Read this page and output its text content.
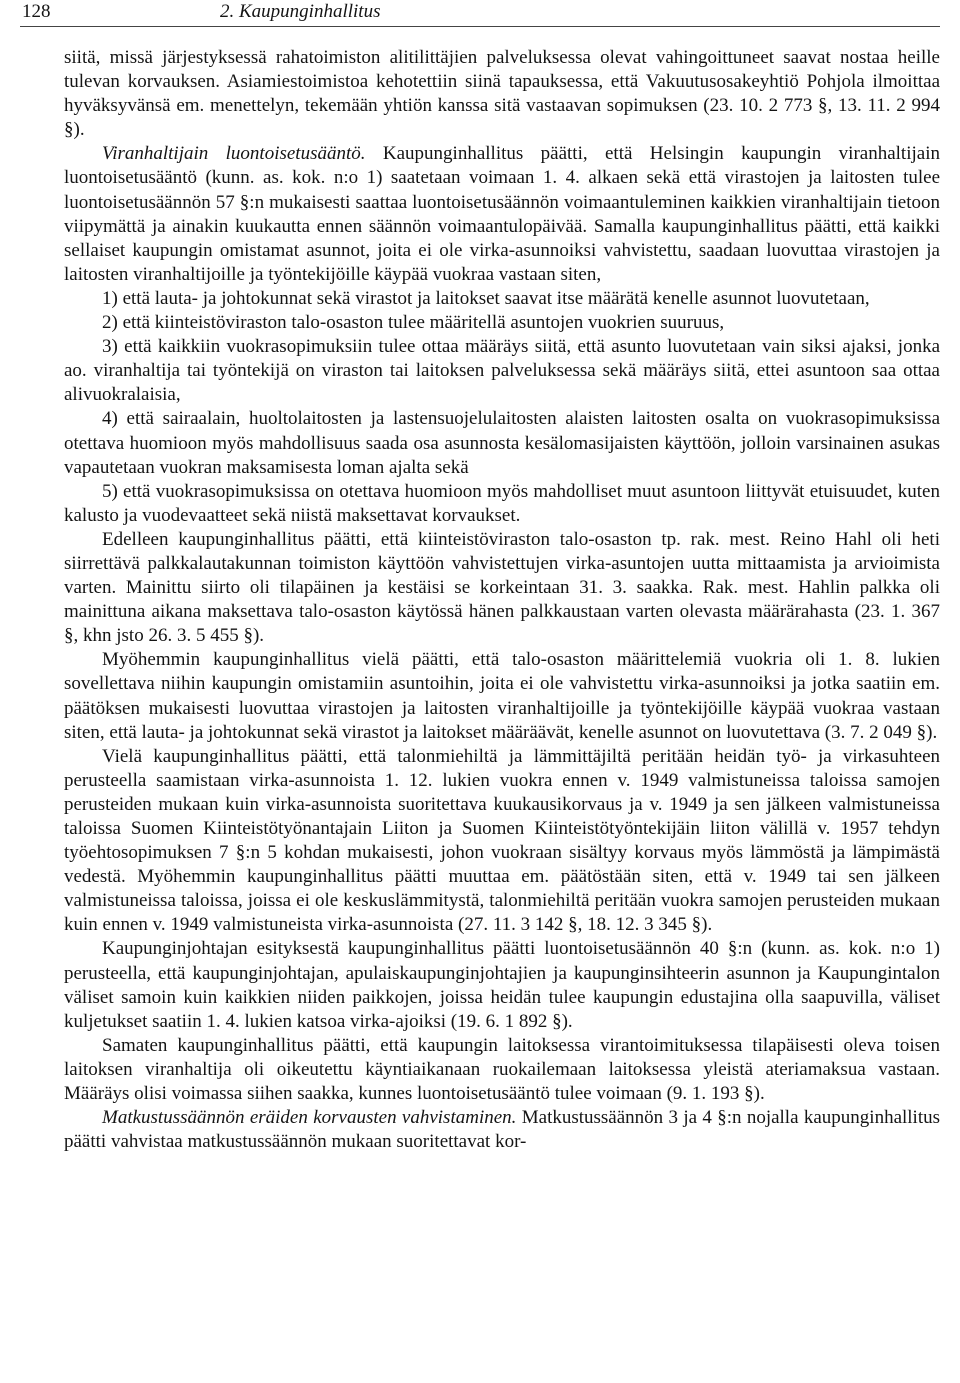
128	2. Kaupunginhallitus

siitä, missä järjestyksessä rahatoimiston alitilittäjien palveluksessa olevat vahingoittuneet saavat nostaa heille tulevan korvauksen. Asiamiestoimistoa kehotettiin siinä tapauksessa, että Vakuutusosakeyhtiö Pohjola ilmoittaa hyväksyvänsä em. menettelyn, tekemään yhtiön kanssa sitä vastaavan sopimuksen (23. 10. 2 773 §, 13. 11. 2 994 §).

Viranhaltijain luontoisetusääntö. Kaupunginhallitus päätti, että Helsingin kaupungin viranhaltijain luontoisetusääntö (kunn. as. kok. n:o 1) saatetaan voimaan 1. 4. alkaen sekä että virastojen ja laitosten tulee luontoisetusäännön 57 §:n mukaisesti saattaa luontoisetusäännön voimaantuleminen kaikkien viranhaltijain tietoon viipymättä ja ainakin kuukautta ennen säännön voimaantulopäivää. Samalla kaupunginhallitus päätti, että kaikki sellaiset kaupungin omistamat asunnot, joita ei ole virka-asunnoiksi vahvistettu, saadaan luovuttaa virastojen ja laitosten viranhaltijoille ja työntekijöille käypää vuokraa vastaan siten,

1) että lauta- ja johtokunnat sekä virastot ja laitokset saavat itse määrätä kenelle asunnot luovutetaan,

2) että kiinteistöviraston talo-osaston tulee määritellä asuntojen vuokrien suuruus,

3) että kaikkiin vuokrasopimuksiin tulee ottaa määräys siitä, että asunto luovutetaan vain siksi ajaksi, jonka ao. viranhaltija tai työntekijä on viraston tai laitoksen palveluksessa sekä määräys siitä, ettei asuntoon saa ottaa alivuokralaisia,

4) että sairaalain, huoltolaitosten ja lastensuojelulaitosten alaisten laitosten osalta on vuokrasopimuksissa otettava huomioon myös mahdollisuus saada osa asunnosta kesälomasijaisten käyttöön, jolloin varsinainen asukas vapautetaan vuokran maksamisesta loman ajalta sekä

5) että vuokrasopimuksissa on otettava huomioon myös mahdolliset muut asuntoon liittyvät etuisuudet, kuten kalusto ja vuodevaatteet sekä niistä maksettavat korvaukset.

Edelleen kaupunginhallitus päätti, että kiinteistöviraston talo-osaston tp. rak. mest. Reino Hahl oli heti siirrettävä palkkalautakunnan toimiston käyttöön vahvistettujen virka-asuntojen uutta mittaamista ja arvioimista varten. Mainittu siirto oli tilapäinen ja kestäisi se korkeintaan 31. 3. saakka. Rak. mest. Hahlin palkka oli mainittuna aikana maksettava talo-osaston käytössä hänen palkkaustaan varten olevasta määrärahasta (23. 1. 367 §, khn jsto 26. 3. 5 455 §).

Myöhemmin kaupunginhallitus vielä päätti, että talo-osaston määrittelemiä vuokria oli 1. 8. lukien sovellettava niihin kaupungin omistamiin asuntoihin, joita ei ole vahvistettu virka-asunnoiksi ja jotka saatiin em. päätöksen mukaisesti luovuttaa virastojen ja laitosten viranhaltijoille ja työntekijöille käypää vuokraa vastaan siten, että lauta- ja johtokunnat sekä virastot ja laitokset määräävät, kenelle asunnot on luovutettava (3. 7. 2 049 §).

Vielä kaupunginhallitus päätti, että talonmiehiltä ja lämmittäjiltä peritään heidän työ- ja virkasuhteen perusteella saamistaan virka-asunnoista 1. 12. lukien vuokra ennen v. 1949 valmistuneissa taloissa samojen perusteiden mukaan kuin virka-asunnoista suoritettava kuukausikorvaus ja v. 1949 ja sen jälkeen valmistuneissa taloissa Suomen Kiinteistötyönantajain Liiton ja Suomen Kiinteistötyöntekijäin liiton välillä v. 1957 tehdyn työehtosopimuksen 7 §:n 5 kohdan mukaisesti, johon vuokraan sisältyy korvaus myös lämmöstä ja lämpimästä vedestä. Myöhemmin kaupunginhallitus päätti muuttaa em. päätöstään siten, että v. 1949 tai sen jälkeen valmistuneissa taloissa, joissa ei ole keskuslämmitystä, talonmiehiltä peritään vuokra samojen perusteiden mukaan kuin ennen v. 1949 valmistuneista virka-asunnoista (27. 11. 3 142 §, 18. 12. 3 345 §).

Kaupunginjohtajan esityksestä kaupunginhallitus päätti luontoisetusäännön 40 §:n (kunn. as. kok. n:o 1) perusteella, että kaupunginjohtajan, apulaiskaupunginjohtajien ja kaupunginsihteerin asunnon ja Kaupungintalon väliset samoin kuin kaikkien niiden paikkojen, joissa heidän tulee kaupungin edustajina olla saapuvilla, väliset kuljetukset saatiin 1. 4. lukien katsoa virka-ajoiksi (19. 6. 1 892 §).

Samaten kaupunginhallitus päätti, että kaupungin laitoksessa virantoimituksessa tilapäisesti oleva toisen laitoksen viranhaltija oli oikeutettu käyntiaikanaan ruokailemaan laitoksessa yleistä ateriamaksua vastaan. Määräys olisi voimassa siihen saakka, kunnes luontoisetusääntö tulee voimaan (9. 1. 193 §).

Matkustussäännön eräiden korvausten vahvistaminen. Matkustussäännön 3 ja 4 §:n nojalla kaupunginhallitus päätti vahvistaa matkustussäännön mukaan suoritettavat kor-
